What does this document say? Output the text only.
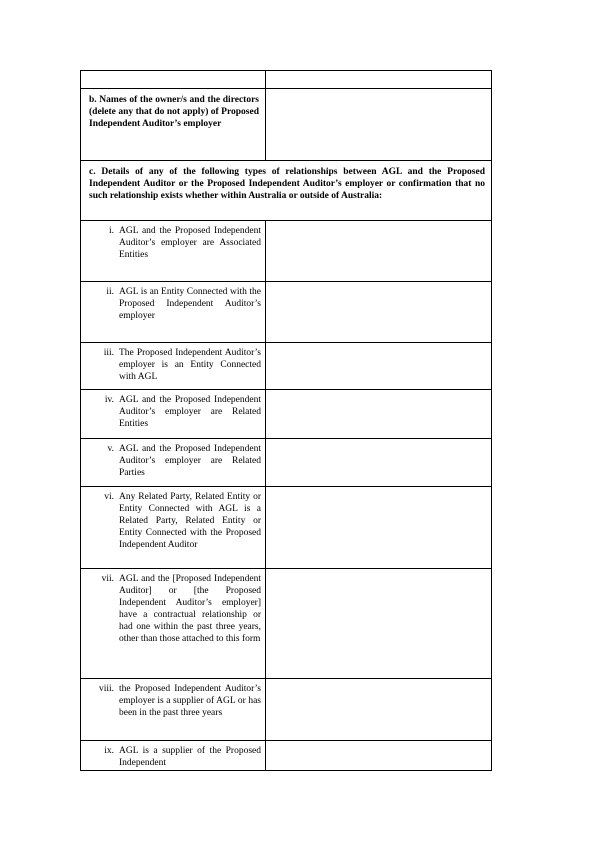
b. Names of the owner/s and the directors (delete any that do not apply) of Proposed Independent Auditor’s employer	

c. Details of any of the following types of relationships between AGL and the Proposed Independent Auditor or the Proposed Independent Auditor’s employer or confirmation that no such relationship exists whether within Australia or outside of Australia:	

i. AGL and the Proposed Independent Auditor’s employer are Associated Entities	

ii. AGL is an Entity Connected with the Proposed Independent Auditor’s employer	

iii. The Proposed Independent Auditor’s employer is an Entity Connected with AGL	

iv. AGL and the Proposed Independent Auditor’s employer are Related Entities	

v. AGL and the Proposed Independent Auditor’s employer are Related Parties	

vi. Any Related Party, Related Entity or Entity Connected with AGL is a Related Party, Related Entity or Entity Connected with the Proposed Independent Auditor	

vii. AGL and the [Proposed Independent Auditor] or [the Proposed Independent Auditor’s employer] have a contractual relationship or had one within the past three years, other than those attached to this form	

viii. the Proposed Independent Auditor’s employer is a supplier of AGL or has been in the past three years	

ix. AGL is a supplier of the Proposed Independent	
